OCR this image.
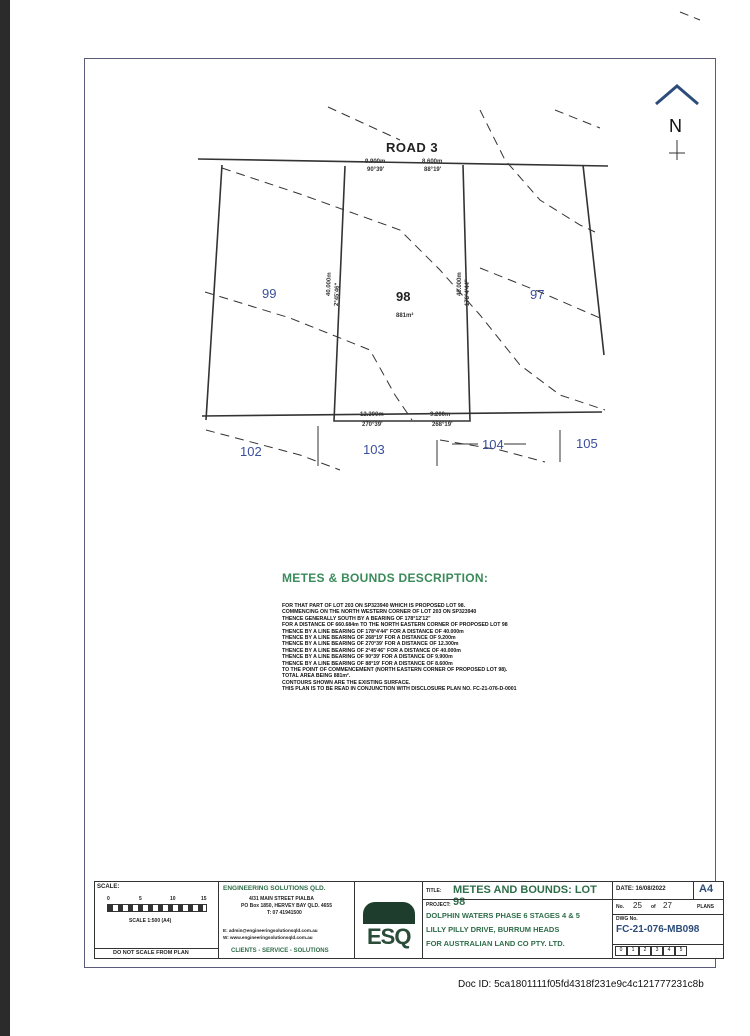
ROAD 3
N
99	98
881m²
97
102	103	104	105
9.900m
90°39'
8.600m
88°19'
12.300m
270°39'
9.200m
268°19'
40.000m 2°45'46"	40.000m 178°4'44"
METES & BOUNDS DESCRIPTION:
FOR THAT PART OF LOT 203 ON SP323940 WHICH IS PROPOSED LOT 98.
COMMENCING ON THE NORTH WESTERN CORNER OF LOT 203 ON SP323940
THENCE GENERALLY SOUTH BY A BEARING OF 178°12'12"
FOR A DISTANCE OF 660.684m TO THE NORTH EASTERN CORNER OF PROPOSED LOT 98
THENCE BY A LINE BEARING OF 178°4'44" FOR A DISTANCE OF 40.000m
THENCE BY A LINE BEARING OF 268°19' FOR A DISTANCE OF 9.200m
THENCE BY A LINE BEARING OF 270°39' FOR A DISTANCE OF 12.300m
THENCE BY A LINE BEARING OF 2°45'46" FOR A DISTANCE OF 40.000m
THENCE BY A LINE BEARING OF 90°39' FOR A DISTANCE OF 9.900m
THENCE BY A LINE BEARING OF 88°19' FOR A DISTANCE OF 8.600m
TO THE POINT OF COMMENCEMENT (NORTH EASTERN CORNER OF PROPOSED LOT 98).
TOTAL AREA BEING 881m².
CONTOURS SHOWN ARE THE EXISTING SURFACE.
THIS PLAN IS TO BE READ IN CONJUNCTION WITH DISCLOSURE PLAN NO. FC-21-076-D-0001
SCALE:
0	5	10	15
SCALE 1:500 (A4)
DO NOT SCALE FROM PLAN
ENGINEERING SOLUTIONS QLD.
4/31 MAIN STREET PIALBA
PO Box 1850, HERVEY BAY QLD. 4655
T: 07 41941500
E: admin@engineeringsolutionsqld.com.au
W: www.engineeringsolutionsqld.com.au
CLIENTS - SERVICE - SOLUTIONS
ESQ
TITLE: METES AND BOUNDS: LOT 98
PROJECT:
DOLPHIN WATERS PHASE 6 STAGES 4 & 5
LILLY PILLY DRIVE, BURRUM HEADS
FOR AUSTRALIAN LAND CO PTY. LTD.
DATE: 16/08/2022	A4
No. 25 of 27	PLANS
DWG No.
FC-21-076-MB098
0	1	2	3	4	5
Doc ID: 5ca1801111f05fd4318f231e9c4c121777231c8b
